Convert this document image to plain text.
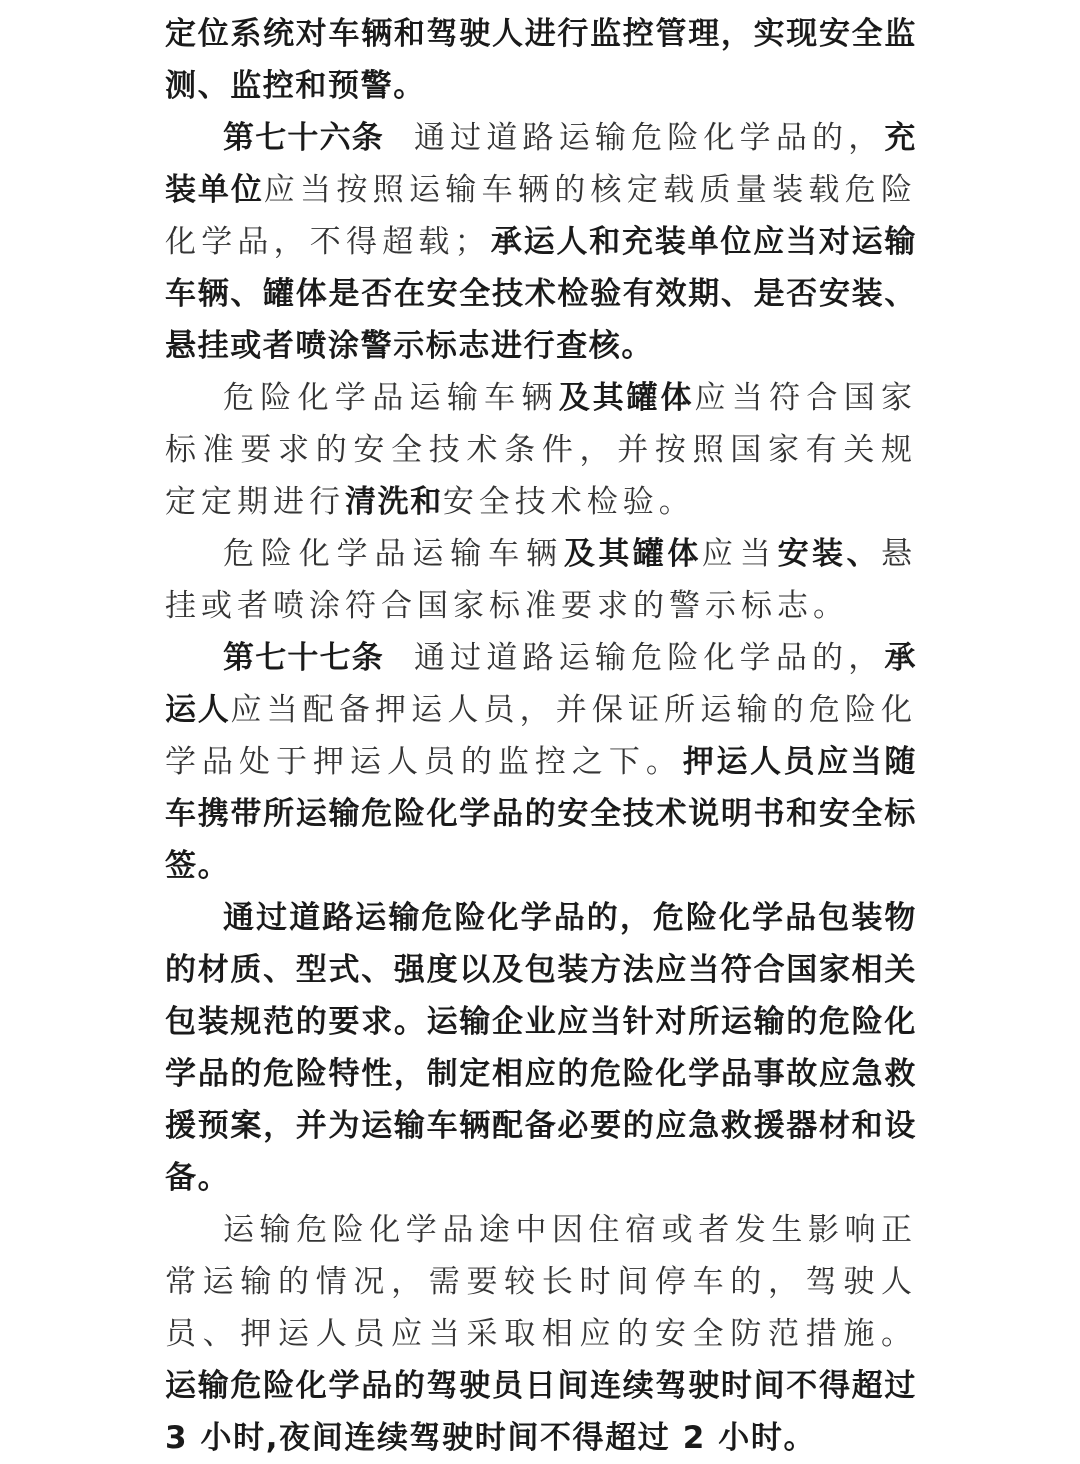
定位系统对车辆和驾驶人进行监控管理，实现安全监测、监控和预警。

第七十六条 通过道路运输危险化学品的，充装单位应当按照运输车辆的核定载质量装载危险化学品，不得超载；承运人和充装单位应当对运输车辆、罐体是否在安全技术检验有效期、是否安装、悬挂或者喷涂警示标志进行查核。

危险化学品运输车辆及其罐体应当符合国家标准要求的安全技术条件，并按照国家有关规定定期进行清洗和安全技术检验。

危险化学品运输车辆及其罐体应当安装、悬挂或者喷涂符合国家标准要求的警示标志。

第七十七条 通过道路运输危险化学品的，承运人应当配备押运人员，并保证所运输的危险化学品处于押运人员的监控之下。押运人员应当随车携带所运输危险化学品的安全技术说明书和安全标签。

通过道路运输危险化学品的，危险化学品包装物的材质、型式、强度以及包装方法应当符合国家相关包装规范的要求。运输企业应当针对所运输的危险化学品的危险特性，制定相应的危险化学品事故应急救援预案，并为运输车辆配备必要的应急救援器材和设备。

运输危险化学品途中因住宿或者发生影响正常运输的情况，需要较长时间停车的，驾驶人员、押运人员应当采取相应的安全防范措施。运输危险化学品的驾驶员日间连续驾驶时间不得超过 3 小时,夜间连续驾驶时间不得超过 2 小时。
